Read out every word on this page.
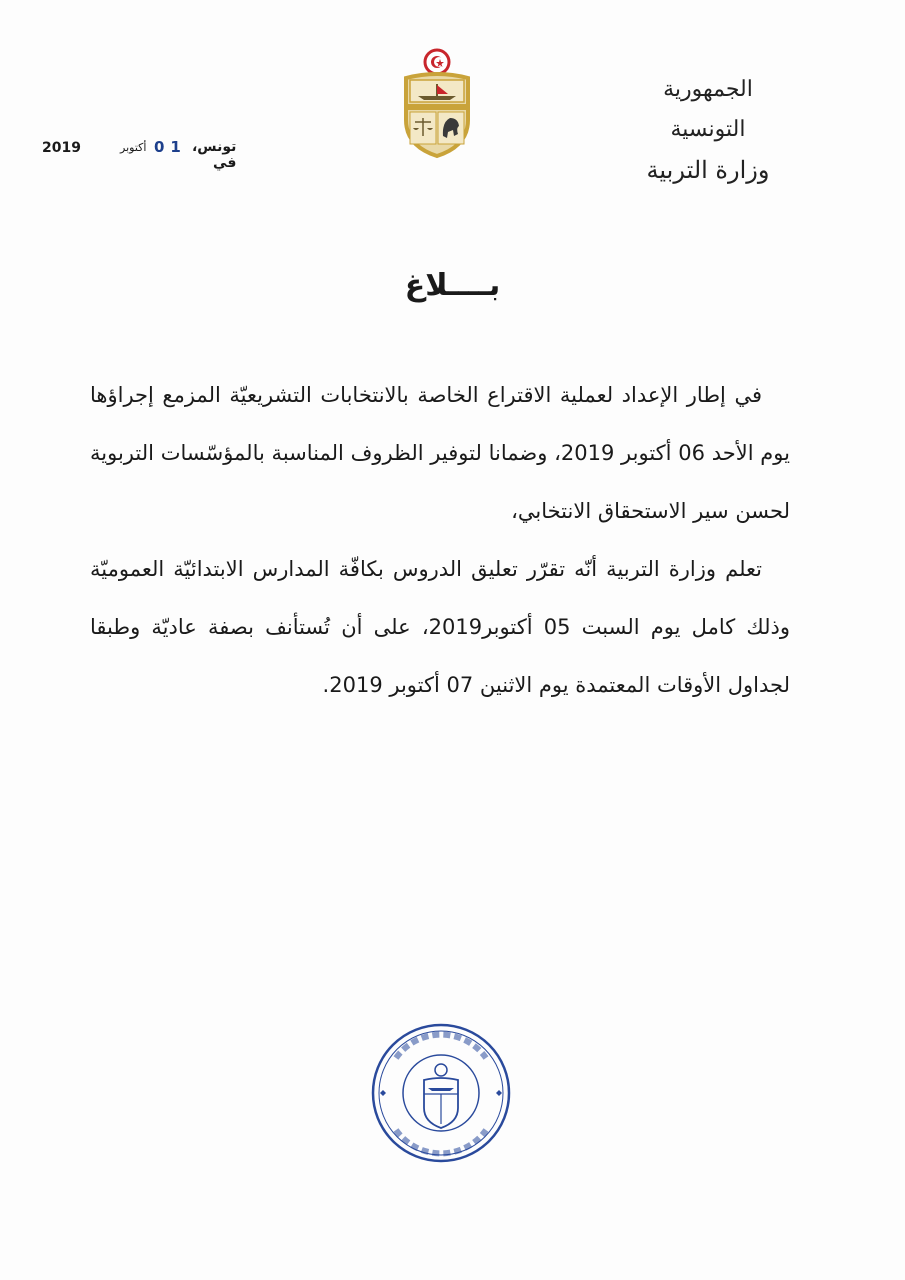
الجمهورية التونسية
وزارة التربية
2019	أكتوبر 01 تونس، في
بــــلاغ

في إطار الإعداد لعملية الاقتراع الخاصة بالانتخابات التشريعيّة المزمع إجراؤها يوم الأحد 06 أكتوبر 2019، وضمانا لتوفير الظروف المناسبة بالمؤسّسات التربوية لحسن سير الاستحقاق الانتخابي،

تعلم وزارة التربية أنّه تقرّر تعليق الدروس بكافّة المدارس الابتدائيّة العموميّة وذلك كامل يوم السبت 05 أكتوبر2019، على أن تُستأنف بصفة عاديّة وطبقا لجداول الأوقات المعتمدة يوم الاثنين 07 أكتوبر 2019.
